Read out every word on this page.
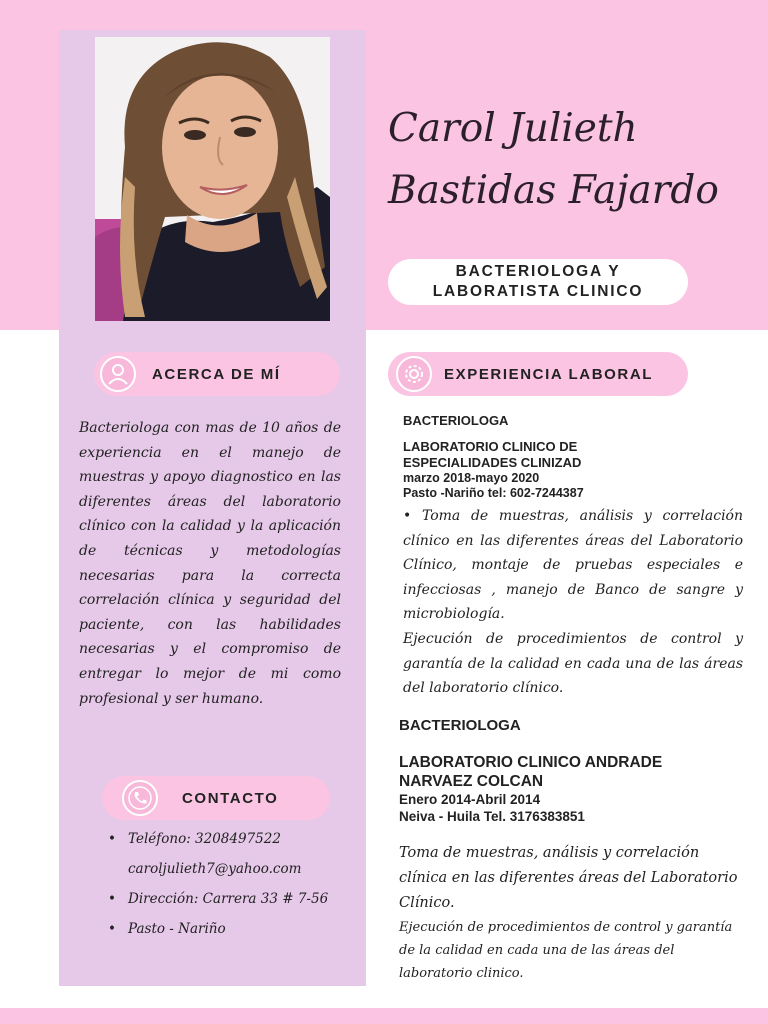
Carol Julieth
Bastidas Fajardo
BACTERIOLOGA Y
LABORATISTA CLINICO
ACERCA DE MÍ
Bacteriologa con mas de 10 años de experiencia en el manejo de muestras y apoyo diagnostico en las diferentes áreas del laboratorio clínico con la calidad y la aplicación de técnicas y metodologías necesarias para la correcta correlación clínica y seguridad del paciente, con las habilidades necesarias y el compromiso de entregar lo mejor de mi como profesional y ser humano.
CONTACTO
• Teléfono: 3208497522
caroljulieth7@yahoo.com
• Dirección: Carrera 33 # 7-56
• Pasto - Nariño
EXPERIENCIA LABORAL
BACTERIOLOGA
LABORATORIO CLINICO DE
ESPECIALIDADES CLINIZAD
marzo 2018-mayo 2020
Pasto -Nariño tel: 602-7244387
• Toma de muestras, análisis y correlación clínico en las diferentes áreas del Laboratorio Clínico, montaje de pruebas especiales e infecciosas , manejo de Banco de sangre y microbiología.
Ejecución de procedimientos de control y garantía de la calidad en cada una de las áreas del laboratorio clínico.
BACTERIOLOGA
LABORATORIO CLINICO ANDRADE
NARVAEZ COLCAN
Enero 2014-Abril 2014
Neiva - Huila Tel. 3176383851
Toma de muestras, análisis y correlación clínica en las diferentes áreas del Laboratorio Clínico.
Ejecución de procedimientos de control y garantía de la calidad en cada una de las áreas del laboratorio clinico.
